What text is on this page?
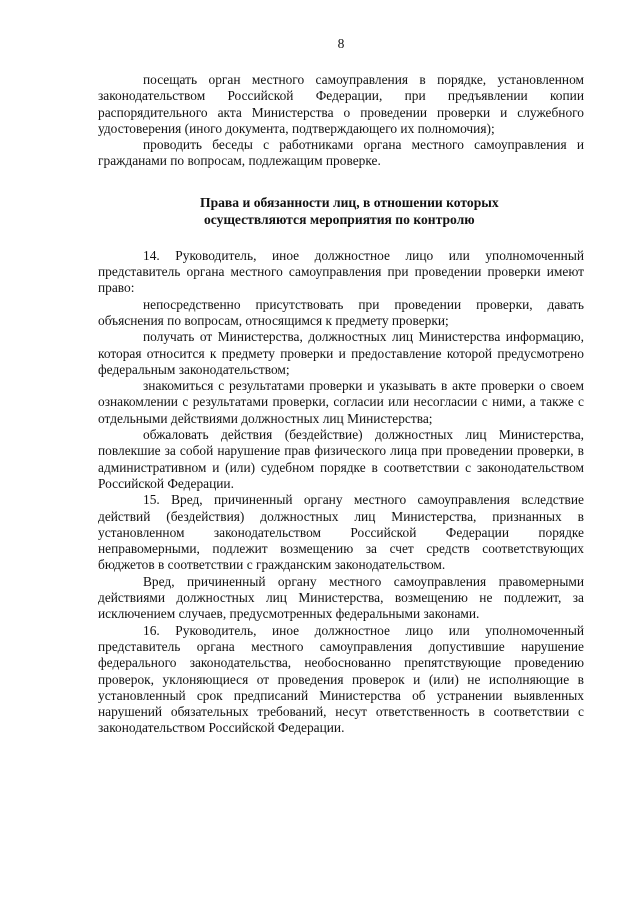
8

посещать орган местного самоуправления в порядке, установленном законодательством Российской Федерации, при предъявлении копии распорядительного акта Министерства о проведении проверки и служебного удостоверения (иного документа, подтверждающего их полномочия);

проводить беседы с работниками органа местного самоуправления и гражданами по вопросам, подлежащим проверке.

Права и обязанности лиц, в отношении которых
осуществляются мероприятия по контролю

14. Руководитель, иное должностное лицо или уполномоченный представитель органа местного самоуправления при проведении проверки имеют право:

непосредственно присутствовать при проведении проверки, давать объяснения по вопросам, относящимся к предмету проверки;

получать от Министерства, должностных лиц Министерства информацию, которая относится к предмету проверки и предоставление которой предусмотрено федеральным законодательством;

знакомиться с результатами проверки и указывать в акте проверки о своем ознакомлении с результатами проверки, согласии или несогласии с ними, а также с отдельными действиями должностных лиц Министерства;

обжаловать действия (бездействие) должностных лиц Министерства, повлекшие за собой нарушение прав физического лица при проведении проверки, в административном и (или) судебном порядке в соответствии с законодательством Российской Федерации.

15. Вред, причиненный органу местного самоуправления вследствие действий (бездействия) должностных лиц Министерства, признанных в установленном законодательством Российской Федерации порядке неправомерными, подлежит возмещению за счет средств соответствующих бюджетов в соответствии с гражданским законодательством.

Вред, причиненный органу местного самоуправления правомерными действиями должностных лиц Министерства, возмещению не подлежит, за исключением случаев, предусмотренных федеральными законами.

16. Руководитель, иное должностное лицо или уполномоченный представитель органа местного самоуправления допустившие нарушение федерального законодательства, необоснованно препятствующие проведению проверок, уклоняющиеся от проведения проверок и (или) не исполняющие в установленный срок предписаний Министерства об устранении выявленных нарушений обязательных требований, несут ответственность в соответствии с законодательством Российской Федерации.
